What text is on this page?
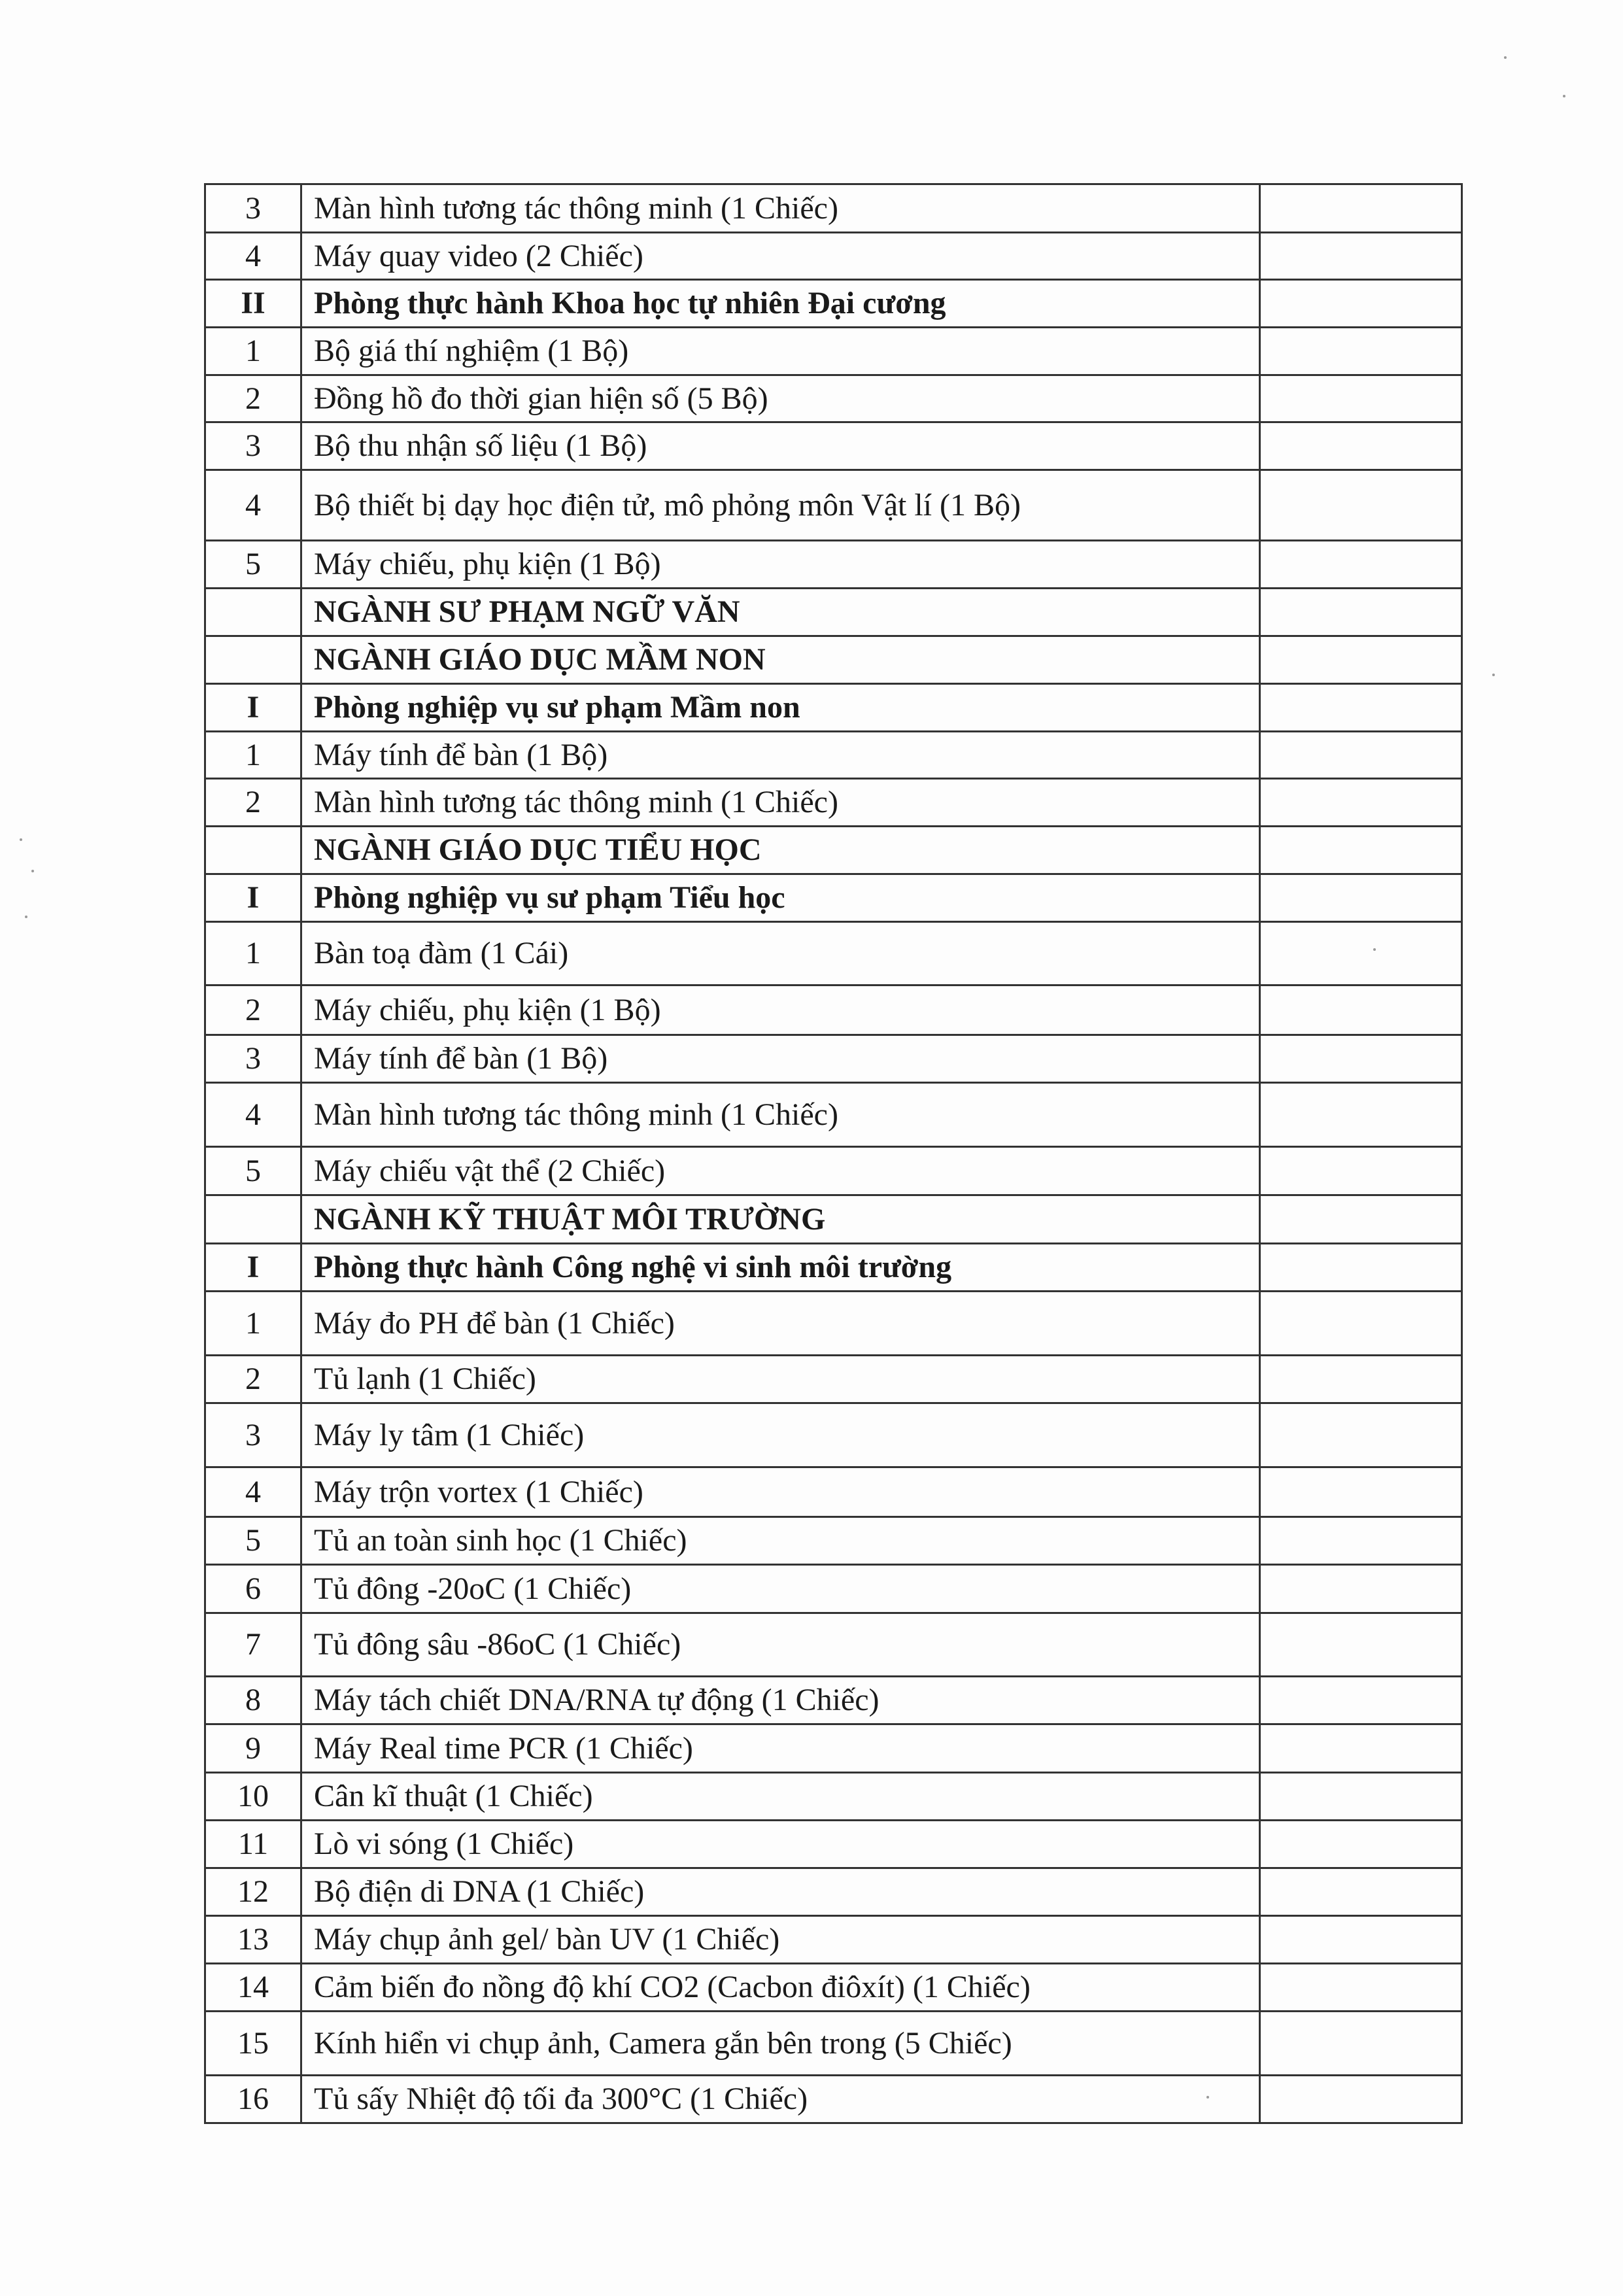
3	Màn hình tương tác thông minh (1 Chiếc)	
4	Máy quay video (2 Chiếc)	
II	Phòng thực hành Khoa học tự nhiên Đại cương	
1	Bộ giá thí nghiệm (1 Bộ)	
2	Đồng hồ đo thời gian hiện số (5 Bộ)	
3	Bộ thu nhận số liệu (1 Bộ)	
4	Bộ thiết bị dạy học điện tử, mô phỏng môn Vật lí (1 Bộ)	
5	Máy chiếu, phụ kiện (1 Bộ)	
	NGÀNH SƯ PHẠM NGỮ VĂN	
	NGÀNH GIÁO DỤC MẦM NON	
I	Phòng nghiệp vụ sư phạm Mầm non	
1	Máy tính để bàn (1 Bộ)	
2	Màn hình tương tác thông minh (1 Chiếc)	
	NGÀNH GIÁO DỤC TIỂU HỌC	
I	Phòng nghiệp vụ sư phạm Tiểu học	
1	Bàn toạ đàm (1 Cái)	
2	Máy chiếu, phụ kiện (1 Bộ)	
3	Máy tính để bàn (1 Bộ)	
4	Màn hình tương tác thông minh (1 Chiếc)	
5	Máy chiếu vật thể (2 Chiếc)	
	NGÀNH KỸ THUẬT MÔI TRƯỜNG	
I	Phòng thực hành Công nghệ vi sinh môi trường	
1	Máy đo PH để bàn (1 Chiếc)	
2	Tủ lạnh (1 Chiếc)	
3	Máy ly tâm (1 Chiếc)	
4	Máy trộn vortex (1 Chiếc)	
5	Tủ an toàn sinh học (1 Chiếc)	
6	Tủ đông -20oC (1 Chiếc)	
7	Tủ đông sâu -86oC (1 Chiếc)	
8	Máy tách chiết DNA/RNA tự động (1 Chiếc)	
9	Máy Real time PCR (1 Chiếc)	
10	Cân kĩ thuật (1 Chiếc)	
11	Lò vi sóng (1 Chiếc)	
12	Bộ điện di DNA (1 Chiếc)	
13	Máy chụp ảnh gel/ bàn UV (1 Chiếc)	
14	Cảm biến đo nồng độ khí CO2 (Cacbon điôxít) (1 Chiếc)	
15	Kính hiển vi chụp ảnh, Camera gắn bên trong (5 Chiếc)	
16	Tủ sấy Nhiệt độ tối đa 300°C (1 Chiếc)	
